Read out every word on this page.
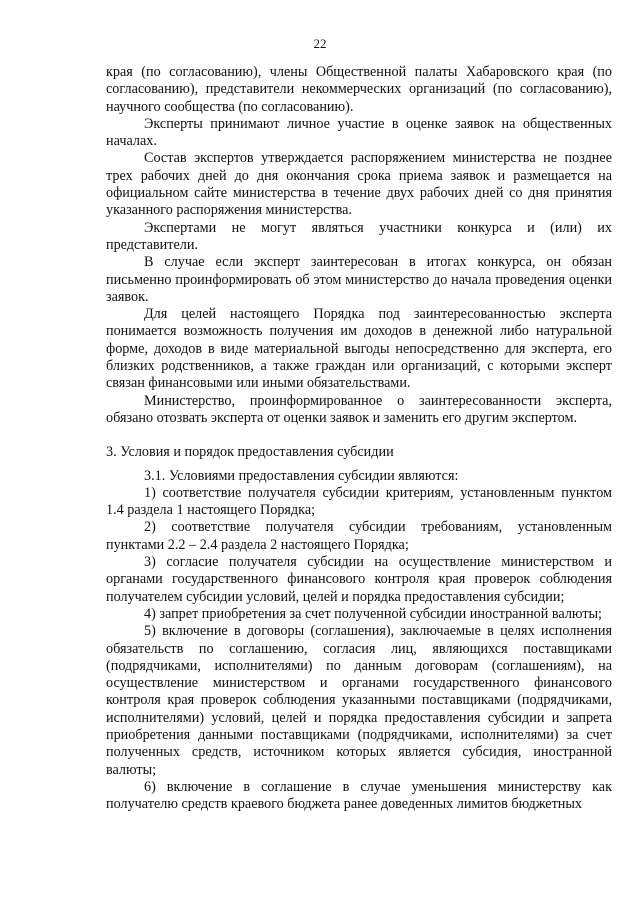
22

края (по согласованию), члены Общественной палаты Хабаровского края (по согласованию), представители некоммерческих организаций (по согласованию), научного сообщества (по согласованию).

Эксперты принимают личное участие в оценке заявок на общественных началах.

Состав экспертов утверждается распоряжением министерства не позднее трех рабочих дней до дня окончания срока приема заявок и размещается на официальном сайте министерства в течение двух рабочих дней со дня принятия указанного распоряжения министерства.

Экспертами не могут являться участники конкурса и (или) их представители.

В случае если эксперт заинтересован в итогах конкурса, он обязан письменно проинформировать об этом министерство до начала проведения оценки заявок.

Для целей настоящего Порядка под заинтересованностью эксперта понимается возможность получения им доходов в денежной либо натуральной форме, доходов в виде материальной выгоды непосредственно для эксперта, его близких родственников, а также граждан или организаций, с которыми эксперт связан финансовыми или иными обязательствами.

Министерство, проинформированное о заинтересованности эксперта, обязано отозвать эксперта от оценки заявок и заменить его другим экспертом.

3. Условия и порядок предоставления субсидии

3.1. Условиями предоставления субсидии являются:

1) соответствие получателя субсидии критериям, установленным пунктом 1.4 раздела 1 настоящего Порядка;

2) соответствие получателя субсидии требованиям, установленным пунктами 2.2 – 2.4 раздела 2 настоящего Порядка;

3) согласие получателя субсидии на осуществление министерством и органами государственного финансового контроля края проверок соблюдения получателем субсидии условий, целей и порядка предоставления субсидии;

4) запрет приобретения за счет полученной субсидии иностранной валюты;

5) включение в договоры (соглашения), заключаемые в целях исполнения обязательств по соглашению, согласия лиц, являющихся поставщиками (подрядчиками, исполнителями) по данным договорам (соглашениям), на осуществление министерством и органами государственного финансового контроля края проверок соблюдения указанными поставщиками (подрядчиками, исполнителями) условий, целей и порядка предоставления субсидии и запрета приобретения данными поставщиками (подрядчиками, исполнителями) за счет полученных средств, источником которых является субсидия, иностранной валюты;

6) включение в соглашение в случае уменьшения министерству как получателю средств краевого бюджета ранее доведенных лимитов бюджетных
